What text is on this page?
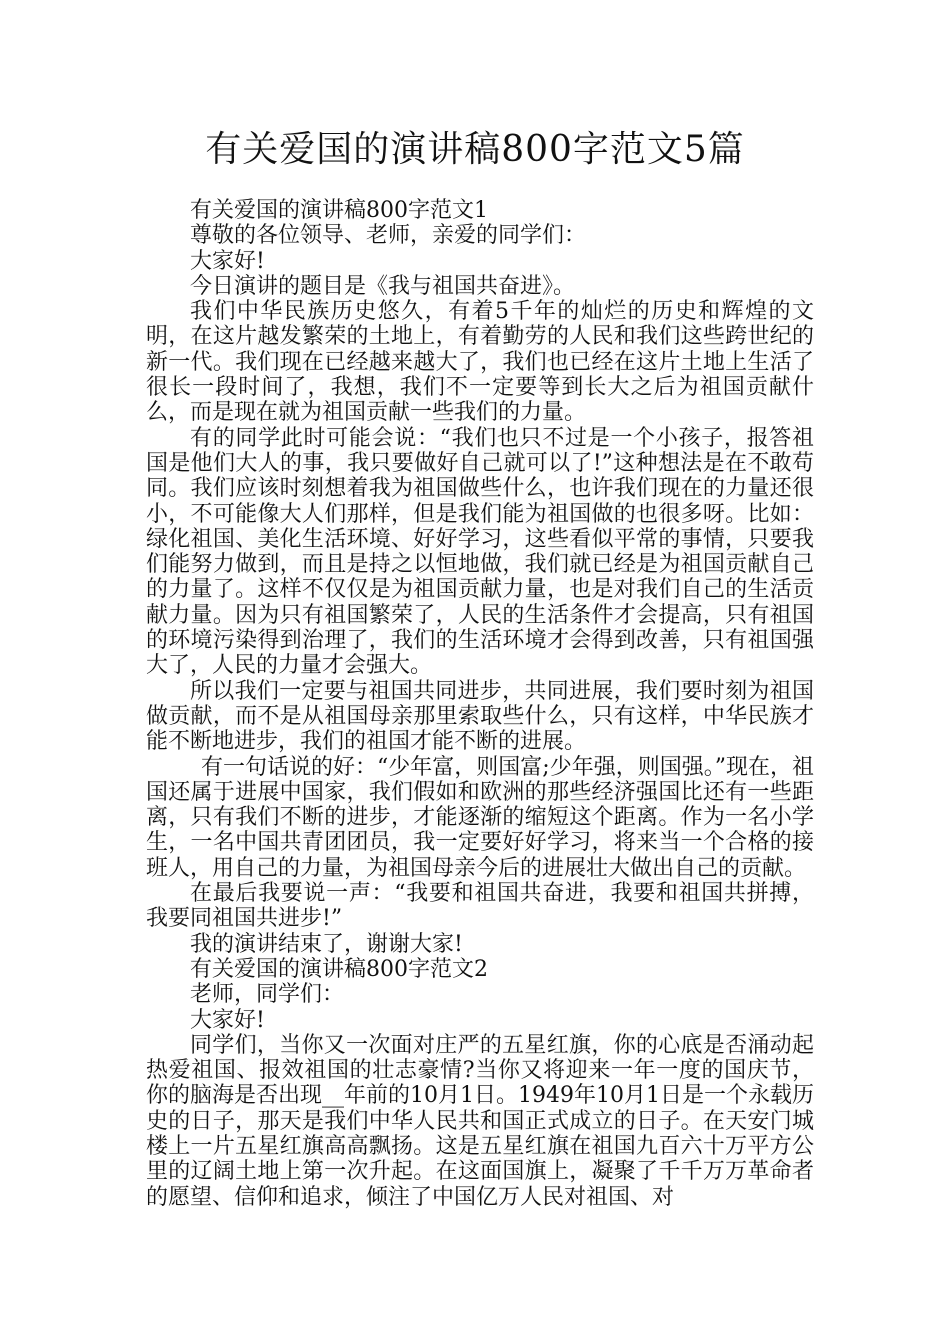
有关爱国的演讲稿800字范文5篇

有关爱国的演讲稿800字范文1

尊敬的各位领导、老师，亲爱的同学们：

大家好!

今日演讲的题目是《我与祖国共奋进》。

我们中华民族历史悠久，有着5千年的灿烂的历史和辉煌的文明，在这片越发繁荣的土地上，有着勤劳的人民和我们这些跨世纪的新一代。我们现在已经越来越大了，我们也已经在这片土地上生活了很长一段时间了，我想，我们不一定要等到长大之后为祖国贡献什么，而是现在就为祖国贡献一些我们的力量。

有的同学此时可能会说：“我们也只不过是一个小孩子，报答祖国是他们大人的事，我只要做好自己就可以了!”这种想法是在不敢苟同。我们应该时刻想着我为祖国做些什么，也许我们现在的力量还很小，不可能像大人们那样，但是我们能为祖国做的也很多呀。比如：绿化祖国、美化生活环境、好好学习，这些看似平常的事情，只要我们能努力做到，而且是持之以恒地做，我们就已经是为祖国贡献自己的力量了。这样不仅仅是为祖国贡献力量，也是对我们自己的生活贡献力量。因为只有祖国繁荣了，人民的生活条件才会提高，只有祖国的环境污染得到治理了，我们的生活环境才会得到改善，只有祖国强大了，人民的力量才会强大。

所以我们一定要与祖国共同进步，共同进展，我们要时刻为祖国做贡献，而不是从祖国母亲那里索取些什么，只有这样，中华民族才能不断地进步，我们的祖国才能不断的进展。

有一句话说的好：“少年富，则国富;少年强，则国强。”现在，祖国还属于进展中国家，我们假如和欧洲的那些经济强国比还有一些距离，只有我们不断的进步，才能逐渐的缩短这个距离。作为一名小学生，一名中国共青团团员，我一定要好好学习，将来当一个合格的接班人，用自己的力量，为祖国母亲今后的进展壮大做出自己的贡献。

在最后我要说一声：“我要和祖国共奋进，我要和祖国共拼搏，我要同祖国共进步!”

我的演讲结束了，谢谢大家!

有关爱国的演讲稿800字范文2

老师，同学们：

大家好!

同学们，当你又一次面对庄严的五星红旗，你的心底是否涌动起热爱祖国、报效祖国的壮志豪情?当你又将迎来一年一度的国庆节，你的脑海是否出现__年前的10月1日。1949年10月1日是一个永载历史的日子，那天是我们中华人民共和国正式成立的日子。在天安门城楼上一片五星红旗高高飘扬。这是五星红旗在祖国九百六十万平方公里的辽阔土地上第一次升起。在这面国旗上，凝聚了千千万万革命者的愿望、信仰和追求，倾注了中国亿万人民对祖国、对
